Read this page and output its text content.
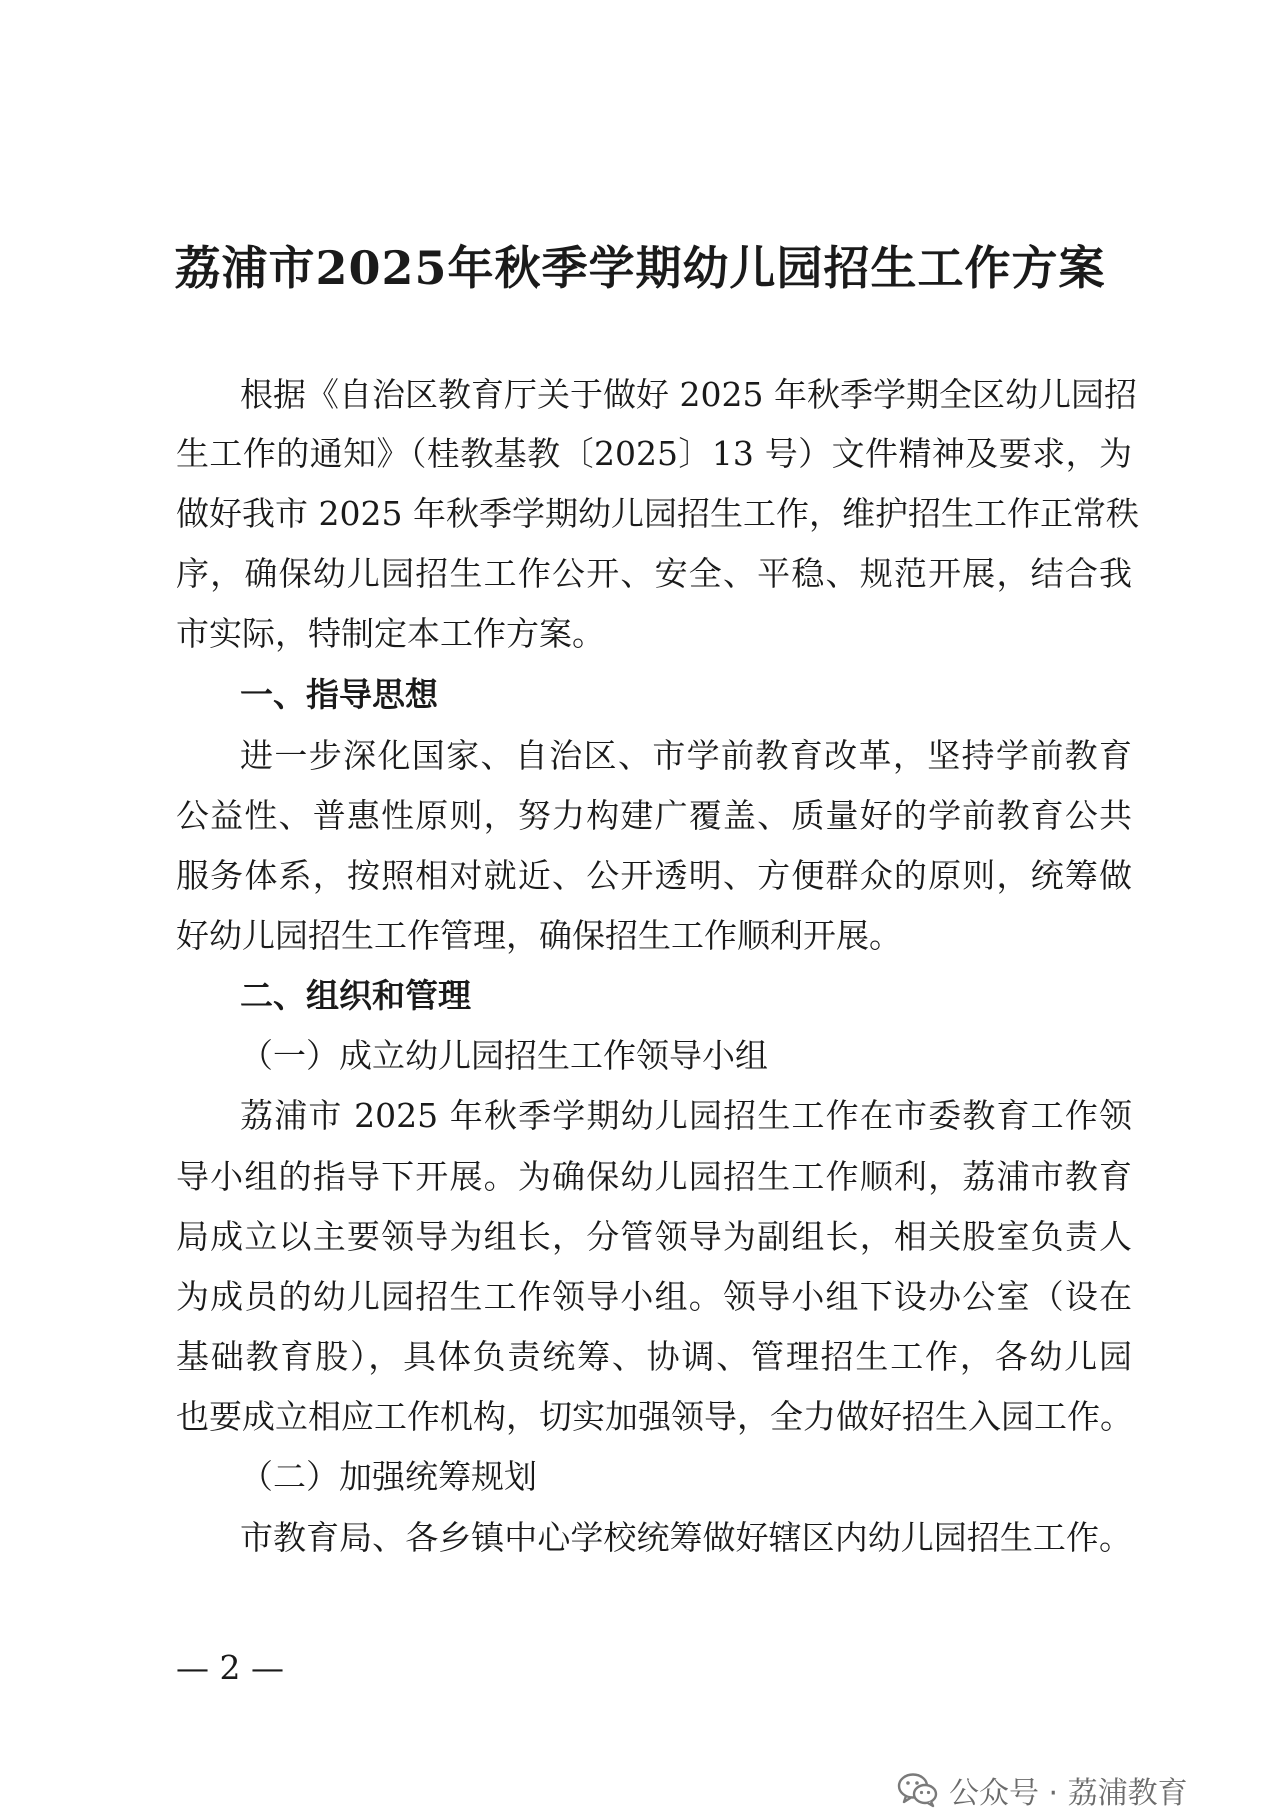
荔浦市2025年秋季学期幼儿园招生工作方案
根据《自治区教育厅关于做好 2025 年秋季学期全区幼儿园招
生工作的通知》（桂教基教〔2025〕13 号）文件精神及要求，为
做好我市 2025 年秋季学期幼儿园招生工作，维护招生工作正常秩
序，确保幼儿园招生工作公开、安全、平稳、规范开展，结合我
市实际，特制定本工作方案。
一、指导思想
进一步深化国家、自治区、市学前教育改革，坚持学前教育
公益性、普惠性原则，努力构建广覆盖、质量好的学前教育公共
服务体系，按照相对就近、公开透明、方便群众的原则，统筹做
好幼儿园招生工作管理，确保招生工作顺利开展。
二、组织和管理
（一）成立幼儿园招生工作领导小组
荔浦市 2025 年秋季学期幼儿园招生工作在市委教育工作领
导小组的指导下开展。为确保幼儿园招生工作顺利，荔浦市教育
局成立以主要领导为组长，分管领导为副组长，相关股室负责人
为成员的幼儿园招生工作领导小组。领导小组下设办公室（设在
基础教育股），具体负责统筹、协调、管理招生工作，各幼儿园
也要成立相应工作机构，切实加强领导，全力做好招生入园工作。
（二）加强统筹规划
市教育局、各乡镇中心学校统筹做好辖区内幼儿园招生工作。
— 2 —
公众号 · 荔浦教育
